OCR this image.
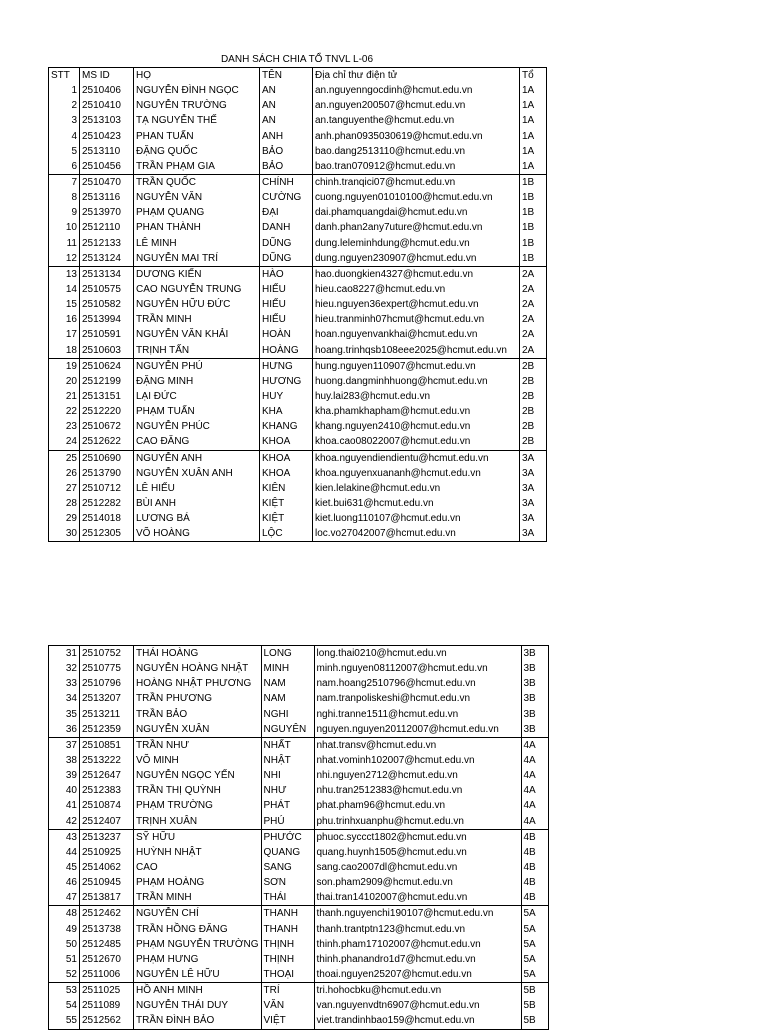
DANH SÁCH CHIA TỔ TNVL L-06
STT	MS ID	HỌ	TÊN	Địa chỉ thư điện tử	Tổ
1	2510406	NGUYỄN ĐÌNH NGỌC	AN	an.nguyenngocdinh@hcmut.edu.vn	1A
2	2510410	NGUYỄN TRƯỜNG	AN	an.nguyen200507@hcmut.edu.vn	1A
3	2513103	TẠ NGUYỄN THẾ	AN	an.tanguyenthe@hcmut.edu.vn	1A
4	2510423	PHAN TUẤN	ANH	anh.phan0935030619@hcmut.edu.vn	1A
5	2513110	ĐẶNG QUỐC	BẢO	bao.dang2513110@hcmut.edu.vn	1A
6	2510456	TRẦN PHẠM GIA	BẢO	bao.tran070912@hcmut.edu.vn	1A
7	2510470	TRẦN QUỐC	CHÍNH	chinh.tranqici07@hcmut.edu.vn	1B
8	2513116	NGUYỄN VĂN	CƯỜNG	cuong.nguyen01010100@hcmut.edu.vn	1B
9	2513970	PHẠM QUANG	ĐẠI	dai.phamquangdai@hcmut.edu.vn	1B
10	2512110	PHAN THÀNH	DANH	danh.phan2any7uture@hcmut.edu.vn	1B
11	2512133	LÊ MINH	DŨNG	dung.leleminhdung@hcmut.edu.vn	1B
12	2513124	NGUYỄN MAI TRÍ	DŨNG	dung.nguyen230907@hcmut.edu.vn	1B
13	2513134	DƯƠNG KIẾN	HÀO	hao.duongkien4327@hcmut.edu.vn	2A
14	2510575	CAO NGUYỄN TRUNG	HIẾU	hieu.cao8227@hcmut.edu.vn	2A
15	2510582	NGUYỄN HỮU ĐỨC	HIẾU	hieu.nguyen36expert@hcmut.edu.vn	2A
16	2513994	TRẦN MINH	HIẾU	hieu.tranminh07hcmut@hcmut.edu.vn	2A
17	2510591	NGUYỄN VĂN KHẢI	HOÀN	hoan.nguyenvankhai@hcmut.edu.vn	2A
18	2510603	TRỊNH TẤN	HOÀNG	hoang.trinhqsb108eee2025@hcmut.edu.vn	2A
19	2510624	NGUYỄN PHÚ	HƯNG	hung.nguyen110907@hcmut.edu.vn	2B
20	2512199	ĐẶNG MINH	HƯƠNG	huong.dangminhhuong@hcmut.edu.vn	2B
21	2513151	LẠI ĐỨC	HUY	huy.lai283@hcmut.edu.vn	2B
22	2512220	PHẠM TUẤN	KHA	kha.phamkhapham@hcmut.edu.vn	2B
23	2510672	NGUYỄN PHÚC	KHANG	khang.nguyen2410@hcmut.edu.vn	2B
24	2512622	CAO ĐĂNG	KHOA	khoa.cao08022007@hcmut.edu.vn	2B
25	2510690	NGUYỄN ANH	KHOA	khoa.nguyendiendientu@hcmut.edu.vn	3A
26	2513790	NGUYỄN XUÂN ANH	KHOA	khoa.nguyenxuananh@hcmut.edu.vn	3A
27	2510712	LÊ HIẾU	KIÊN	kien.lelakine@hcmut.edu.vn	3A
28	2512282	BÙI ANH	KIỆT	kiet.bui631@hcmut.edu.vn	3A
29	2514018	LƯƠNG BÁ	KIỆT	kiet.luong110107@hcmut.edu.vn	3A
30	2512305	VÕ HOÀNG	LỘC	loc.vo27042007@hcmut.edu.vn	3A
31	2510752	THÁI HOÀNG	LONG	long.thai0210@hcmut.edu.vn	3B
32	2510775	NGUYỄN HOÀNG NHẬT	MINH	minh.nguyen08112007@hcmut.edu.vn	3B
33	2510796	HOÀNG NHẬT PHƯƠNG	NAM	nam.hoang2510796@hcmut.edu.vn	3B
34	2513207	TRẦN PHƯƠNG	NAM	nam.tranpoliskeshi@hcmut.edu.vn	3B
35	2513211	TRẦN BẢO	NGHI	nghi.tranne1511@hcmut.edu.vn	3B
36	2512359	NGUYỄN XUÂN	NGUYÊN	nguyen.nguyen20112007@hcmut.edu.vn	3B
37	2510851	TRẦN NHƯ	NHẤT	nhat.transv@hcmut.edu.vn	4A
38	2513222	VÕ MINH	NHẬT	nhat.vominh102007@hcmut.edu.vn	4A
39	2512647	NGUYỄN NGỌC YẾN	NHI	nhi.nguyen2712@hcmut.edu.vn	4A
40	2512383	TRẦN THỊ QUỲNH	NHƯ	nhu.tran2512383@hcmut.edu.vn	4A
41	2510874	PHẠM TRƯỜNG	PHÁT	phat.pham96@hcmut.edu.vn	4A
42	2512407	TRỊNH XUÂN	PHÚ	phu.trinhxuanphu@hcmut.edu.vn	4A
43	2513237	SỸ HỮU	PHƯỚC	phuoc.syccct1802@hcmut.edu.vn	4B
44	2510925	HUỲNH NHẬT	QUANG	quang.huynh1505@hcmut.edu.vn	4B
45	2514062	CAO	SANG	sang.cao2007dl@hcmut.edu.vn	4B
46	2510945	PHẠM HOÀNG	SƠN	son.pham2909@hcmut.edu.vn	4B
47	2513817	TRẦN MINH	THÁI	thai.tran14102007@hcmut.edu.vn	4B
48	2512462	NGUYỄN CHÍ	THANH	thanh.nguyenchi190107@hcmut.edu.vn	5A
49	2513738	TRẦN HỒNG ĐĂNG	THANH	thanh.trantptn123@hcmut.edu.vn	5A
50	2512485	PHẠM NGUYỄN TRƯỜNG	THỊNH	thinh.pham17102007@hcmut.edu.vn	5A
51	2512670	PHẠM HƯNG	THỊNH	thinh.phanandro1d7@hcmut.edu.vn	5A
52	2511006	NGUYỄN LÊ HỮU	THOẠI	thoai.nguyen25207@hcmut.edu.vn	5A
53	2511025	HỒ ANH MINH	TRÍ	tri.hohocbku@hcmut.edu.vn	5B
54	2511089	NGUYỄN THÁI DUY	VĂN	van.nguyenvdtn6907@hcmut.edu.vn	5B
55	2512562	TRẦN ĐÌNH BẢO	VIỆT	viet.trandinhbao159@hcmut.edu.vn	5B
